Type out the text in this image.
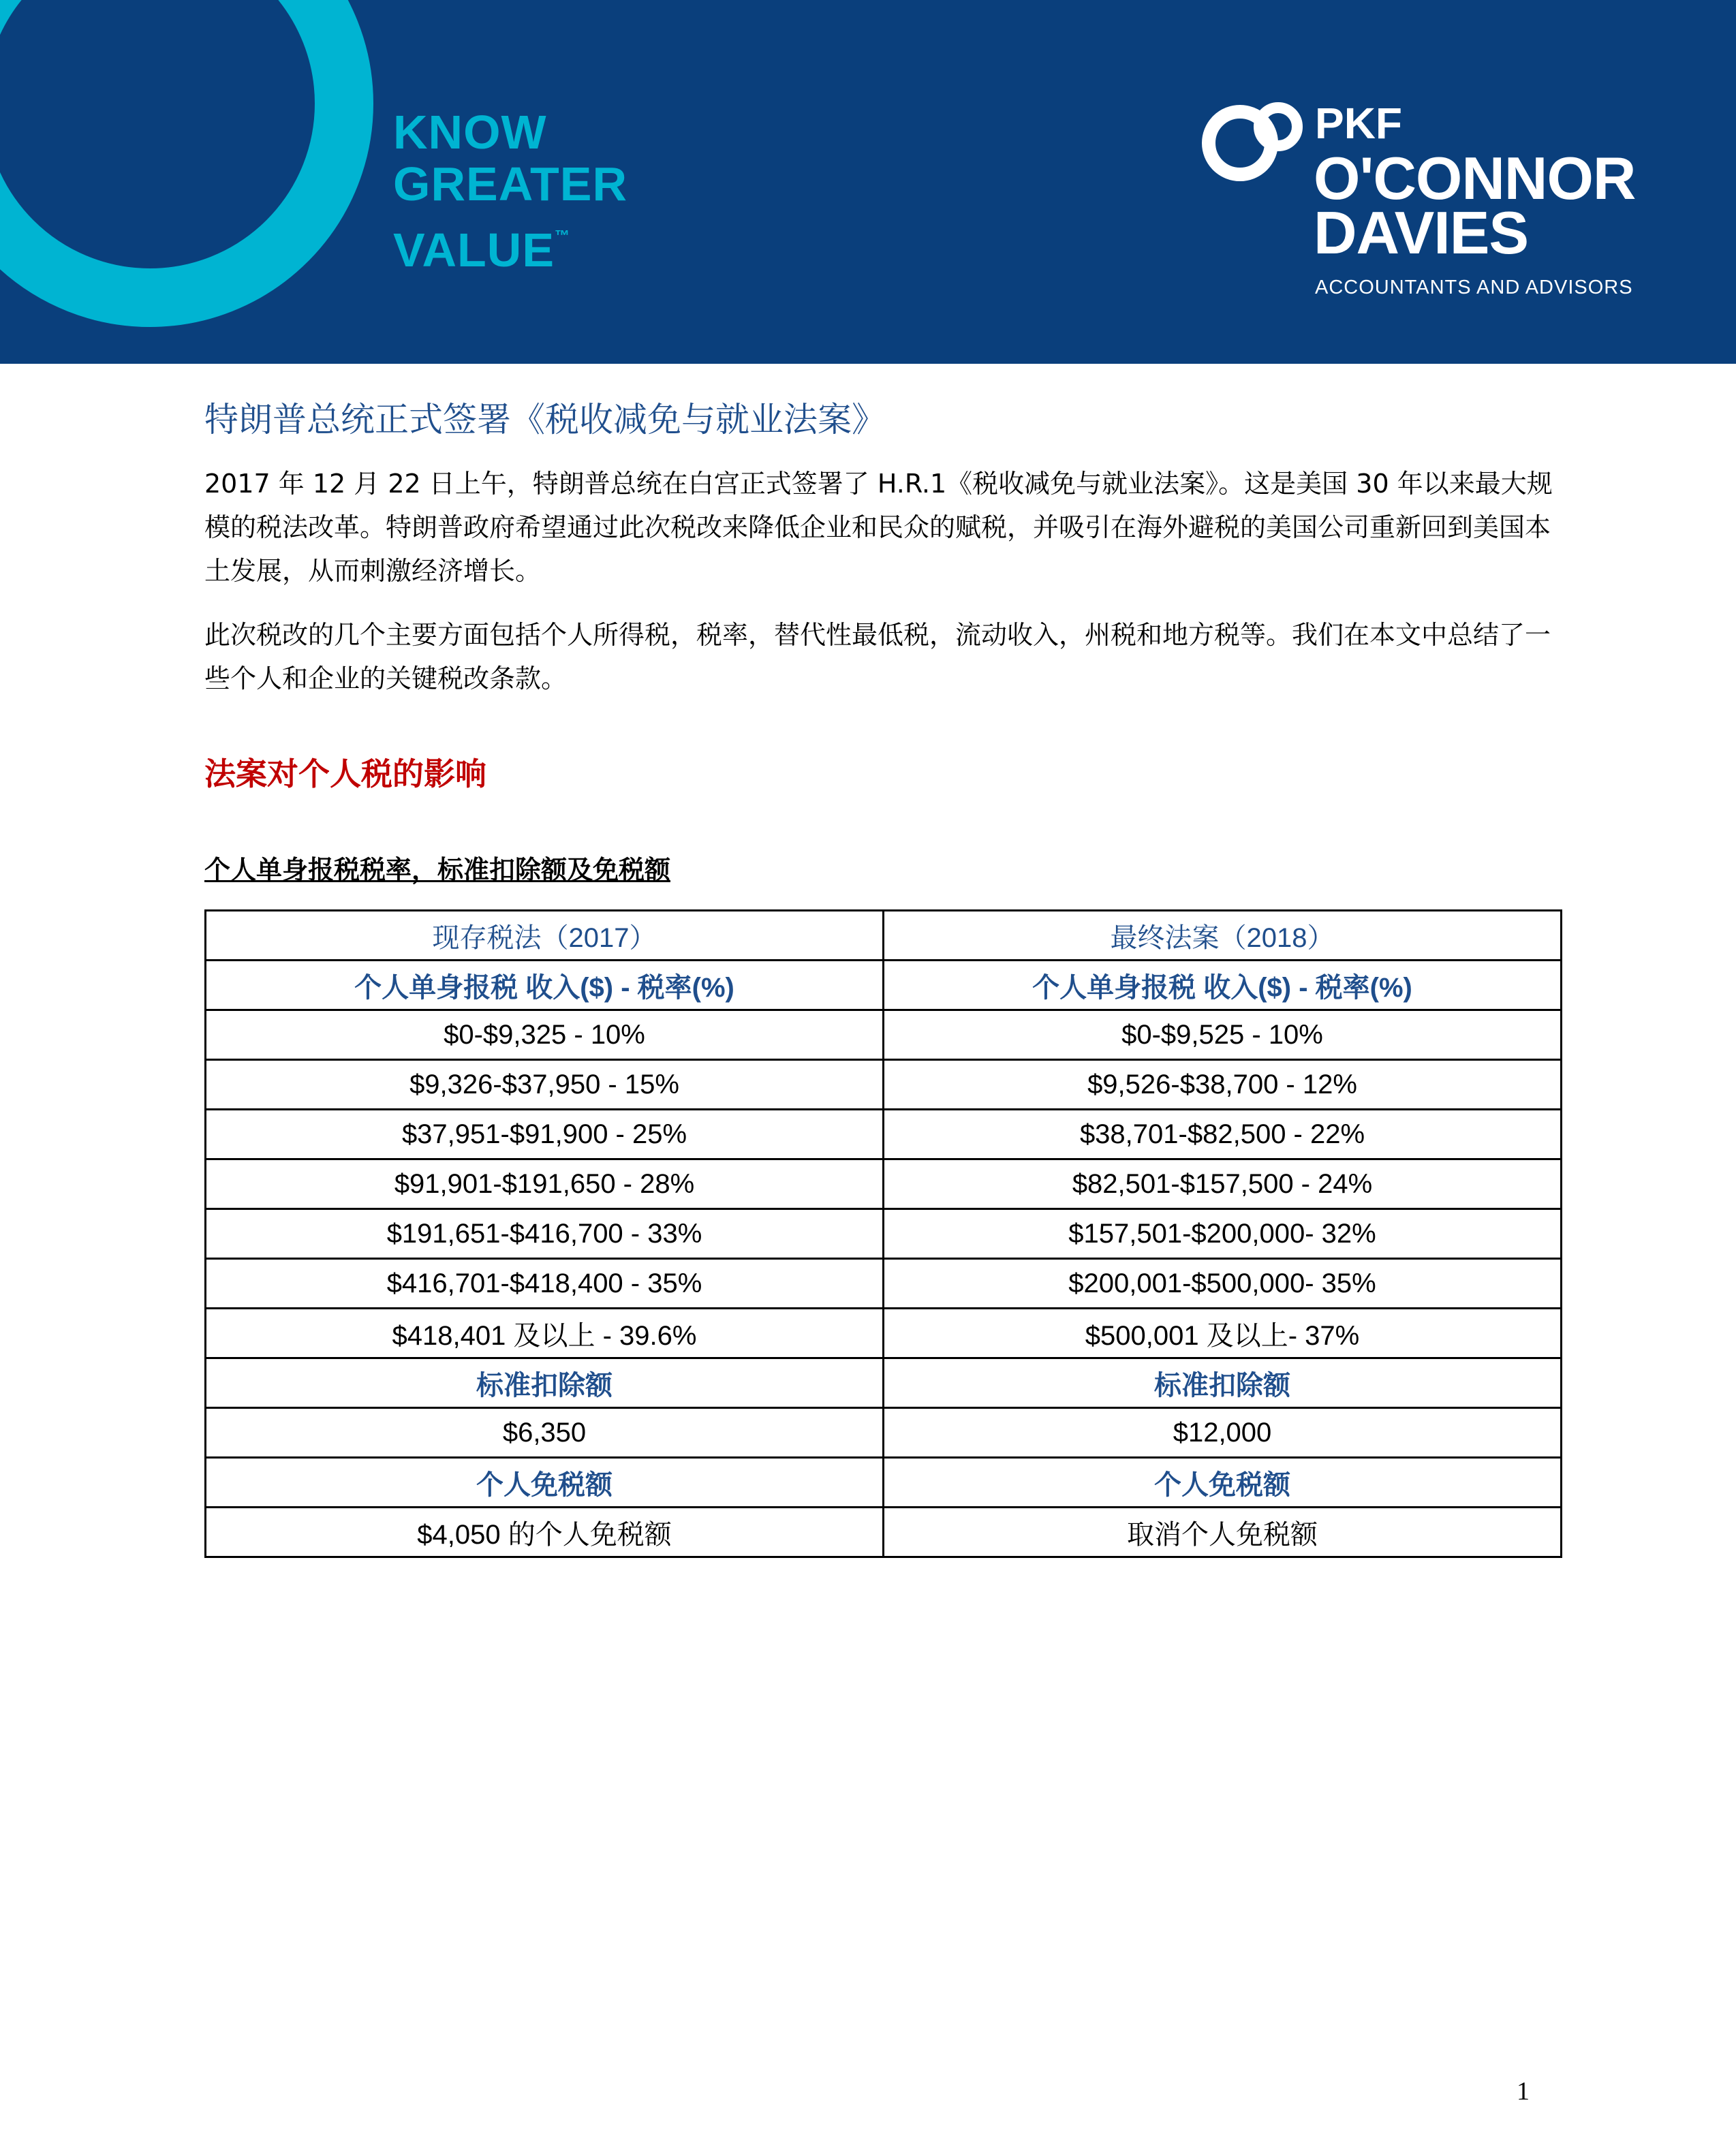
KNOW
GREATER
VALUE™
PKF
O'CONNOR
DAVIES
ACCOUNTANTS AND ADVISORS
特朗普总统正式签署《税收减免与就业法案》

2017 年 12 月 22 日上午，特朗普总统在白宫正式签署了 H.R.1《税收减免与就业法案》。这是美国 30 年以来最大规模的税法改革。特朗普政府希望通过此次税改来降低企业和民众的赋税，并吸引在海外避税的美国公司重新回到美国本土发展，从而刺激经济增长。

此次税改的几个主要方面包括个人所得税，税率，替代性最低税，流动收入，州税和地方税等。我们在本文中总结了一些个人和企业的关键税改条款。

法案对个人税的影响
个人单身报税税率，标准扣除额及免税额
现存税法（2017）	最终法案（2018）
个人单身报税 收入($) - 税率(%)	个人单身报税 收入($) - 税率(%)
$0-$9,325 - 10%	$0-$9,525 - 10%
$9,326-$37,950 - 15%	$9,526-$38,700 - 12%
$37,951-$91,900 - 25%	$38,701-$82,500 - 22%
$91,901-$191,650 - 28%	$82,501-$157,500 - 24%
$191,651-$416,700 - 33%	$157,501-$200,000- 32%
$416,701-$418,400 - 35%	$200,001-$500,000- 35%
$418,401 及以上 - 39.6%	$500,001 及以上- 37%
标准扣除额	标准扣除额
$6,350	$12,000
个人免税额	个人免税额
$4,050 的个人免税额	取消个人免税额
1
